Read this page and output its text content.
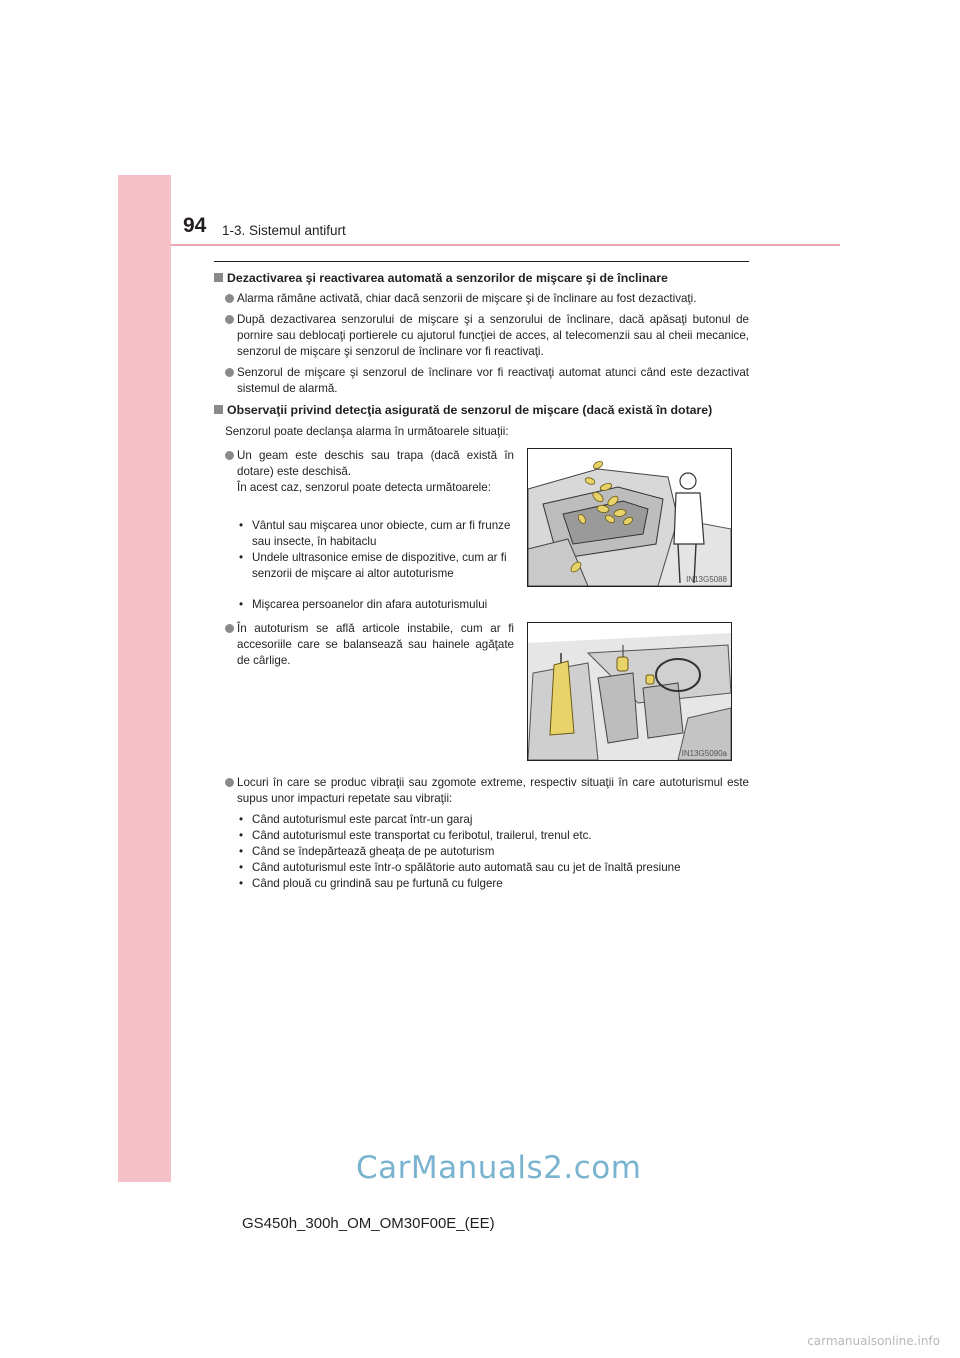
94 1-3. Sistemul antifurt
Dezactivarea şi reactivarea automată a senzorilor de mişcare şi de înclinare
Alarma rămâne activată, chiar dacă senzorii de mişcare şi de înclinare au fost dezactivaţi.
După dezactivarea senzorului de mişcare şi a senzorului de înclinare, dacă apăsaţi butonul de pornire sau deblocaţi portierele cu ajutorul funcţiei de acces, al telecomenzii sau al cheii mecanice, senzorul de mişcare şi senzorul de înclinare vor fi reactivaţi.
Senzorul de mişcare şi senzorul de înclinare vor fi reactivaţi automat atunci când este dezactivat sistemul de alarmă.
Observaţii privind detecţia asigurată de senzorul de mişcare (dacă există în dotare)
Senzorul poate declanşa alarma în următoarele situaţii:
Un geam este deschis sau trapa (dacă există în dotare) este deschisă.
În acest caz, senzorul poate detecta următoarele:
• Vântul sau mişcarea unor obiecte, cum ar fi frunze sau insecte, în habitaclu
• Undele ultrasonice emise de dispozitive, cum ar fi senzorii de mişcare ai altor autoturisme
• Mişcarea persoanelor din afara autoturismului
IN13G5088
În autoturism se află articole instabile, cum ar fi accesoriile care se balansează sau hainele agăţate de cârlige.
IN13G5090a
Locuri în care se produc vibraţii sau zgomote extreme, respectiv situaţii în care autoturismul este supus unor impacturi repetate sau vibraţii:
• Când autoturismul este parcat într-un garaj
• Când autoturismul este transportat cu feribotul, trailerul, trenul etc.
• Când se îndepărtează gheaţa de pe autoturism
• Când autoturismul este într-o spălătorie auto automată sau cu jet de înaltă presiune
• Când plouă cu grindină sau pe furtună cu fulgere
CarManuals2.com
GS450h_300h_OM_OM30F00E_(EE)
carmanualsonline.info
